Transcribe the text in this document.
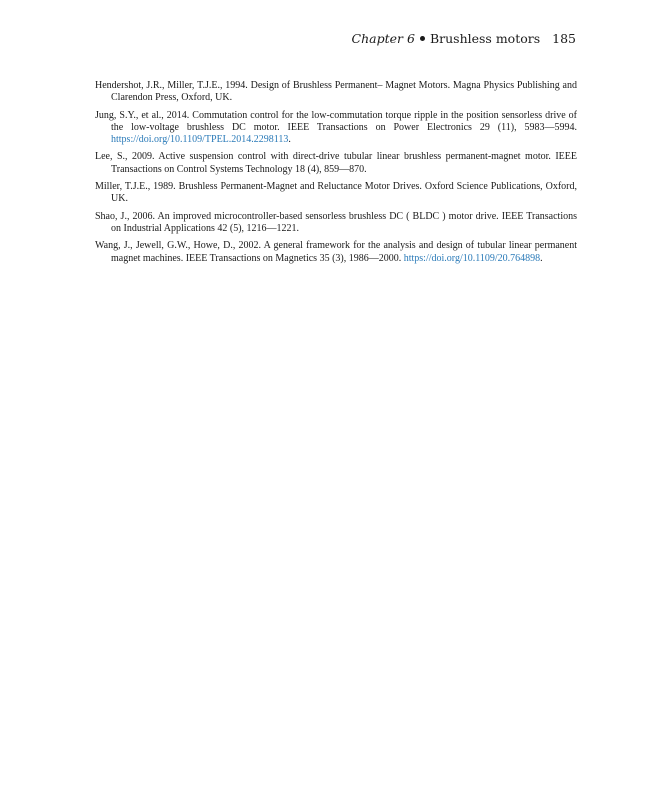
Chapter 6 Brushless motors 185

Hendershot, J.R., Miller, T.J.E., 1994. Design of Brushless Permanent– Magnet Motors. Magna Physics Publishing and Clarendon Press, Oxford, UK.

Jung, S.Y., et al., 2014. Commutation control for the low-commutation torque ripple in the position sensorless drive of the low-voltage brushless DC motor. IEEE Transactions on Power Electronics 29 (11), 5983—5994. https://doi.org/10.1109/TPEL.2014.2298113.

Lee, S., 2009. Active suspension control with direct-drive tubular linear brushless permanent-magnet motor. IEEE Transactions on Control Systems Technology 18 (4), 859—870.

Miller, T.J.E., 1989. Brushless Permanent-Magnet and Reluctance Motor Drives. Oxford Science Publications, Oxford, UK.

Shao, J., 2006. An improved microcontroller-based sensorless brushless DC ( BLDC ) motor drive. IEEE Transactions on Industrial Applications 42 (5), 1216—1221.

Wang, J., Jewell, G.W., Howe, D., 2002. A general framework for the analysis and design of tubular linear permanent magnet machines. IEEE Transactions on Magnetics 35 (3), 1986—2000. https://doi.org/10.1109/20.764898.
